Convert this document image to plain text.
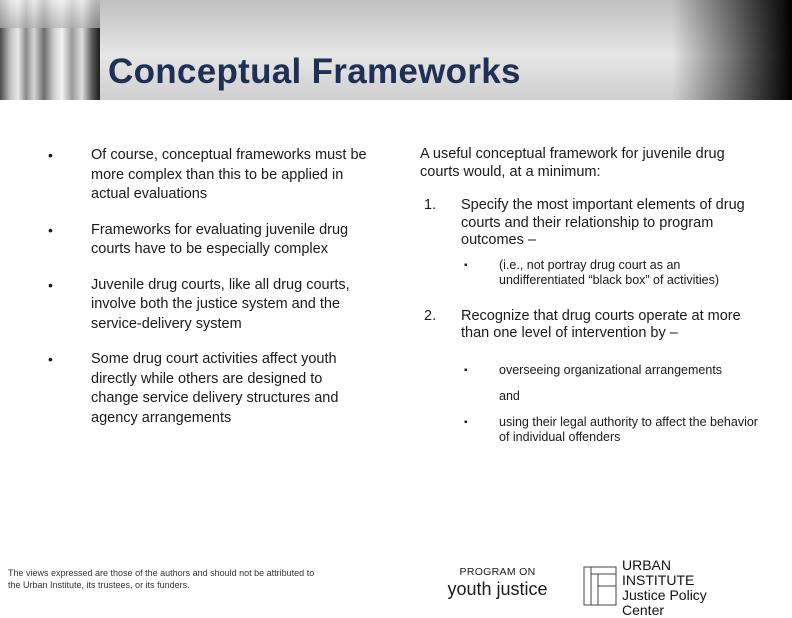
Conceptual Frameworks
•	Of course, conceptual frameworks must be more complex than this to be applied in actual evaluations
•	Frameworks for evaluating juvenile drug courts have to be especially complex
•	Juvenile drug courts, like all drug courts, involve both the justice system and the service-delivery system
•	Some drug court activities affect youth directly while others are designed to change service delivery structures and agency arrangements
A useful conceptual framework for juvenile drug courts would, at a minimum:
1.	Specify the most important elements of drug courts and their relationship to program outcomes –
▪	(i.e., not portray drug court as an undifferentiated “black box” of activities)
2.	Recognize that drug courts operate at more than one level of intervention by –
▪	overseeing organizational arrangements
and
▪	using their legal authority to affect the behavior of individual offenders
The views expressed are those of the authors and should not be attributed to the Urban Institute, its trustees, or its funders.
PROGRAM ON
youth justice
URBAN
INSTITUTE
Justice Policy
Center
